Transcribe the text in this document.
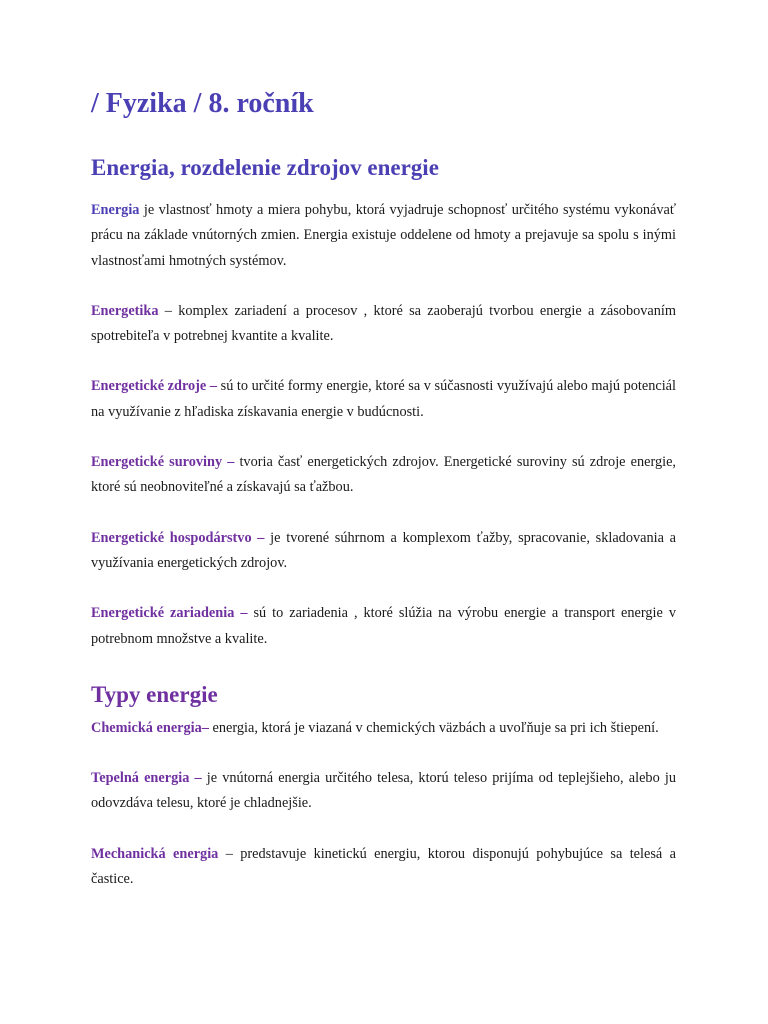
/ Fyzika / 8. ročník
Energia, rozdelenie zdrojov energie

Energia je vlastnosť hmoty a miera pohybu, ktorá vyjadruje schopnosť určitého systému vykonávať prácu na základe vnútorných zmien. Energia existuje oddelene od hmoty a prejavuje sa spolu s inými vlastnosťami hmotných systémov.

Energetika – komplex zariadení a procesov , ktoré sa zaoberajú tvorbou energie a zásobovaním spotrebiteľa v potrebnej kvantite a kvalite.

Energetické zdroje – sú to určité formy energie, ktoré sa v súčasnosti využívajú alebo majú potenciál na využívanie z hľadiska získavania energie v budúcnosti.

Energetické suroviny – tvoria časť energetických zdrojov. Energetické suroviny sú zdroje energie, ktoré sú neobnoviteľné a získavajú sa ťažbou.

Energetické hospodárstvo – je tvorené súhrnom a komplexom ťažby, spracovanie, skladovania a využívania energetických zdrojov.

Energetické zariadenia – sú to zariadenia , ktoré slúžia na výrobu energie a transport energie v potrebnom množstve a kvalite.

Typy energie

Chemická energia– energia, ktorá je viazaná v chemických väzbách a uvoľňuje sa pri ich štiepení.

Tepelná energia – je vnútorná energia určitého telesa, ktorú teleso prijíma od teplejšieho, alebo ju odovzdáva telesu, ktoré je chladnejšie.

Mechanická energia – predstavuje kinetickú energiu, ktorou disponujú pohybujúce sa telesá a častice.
